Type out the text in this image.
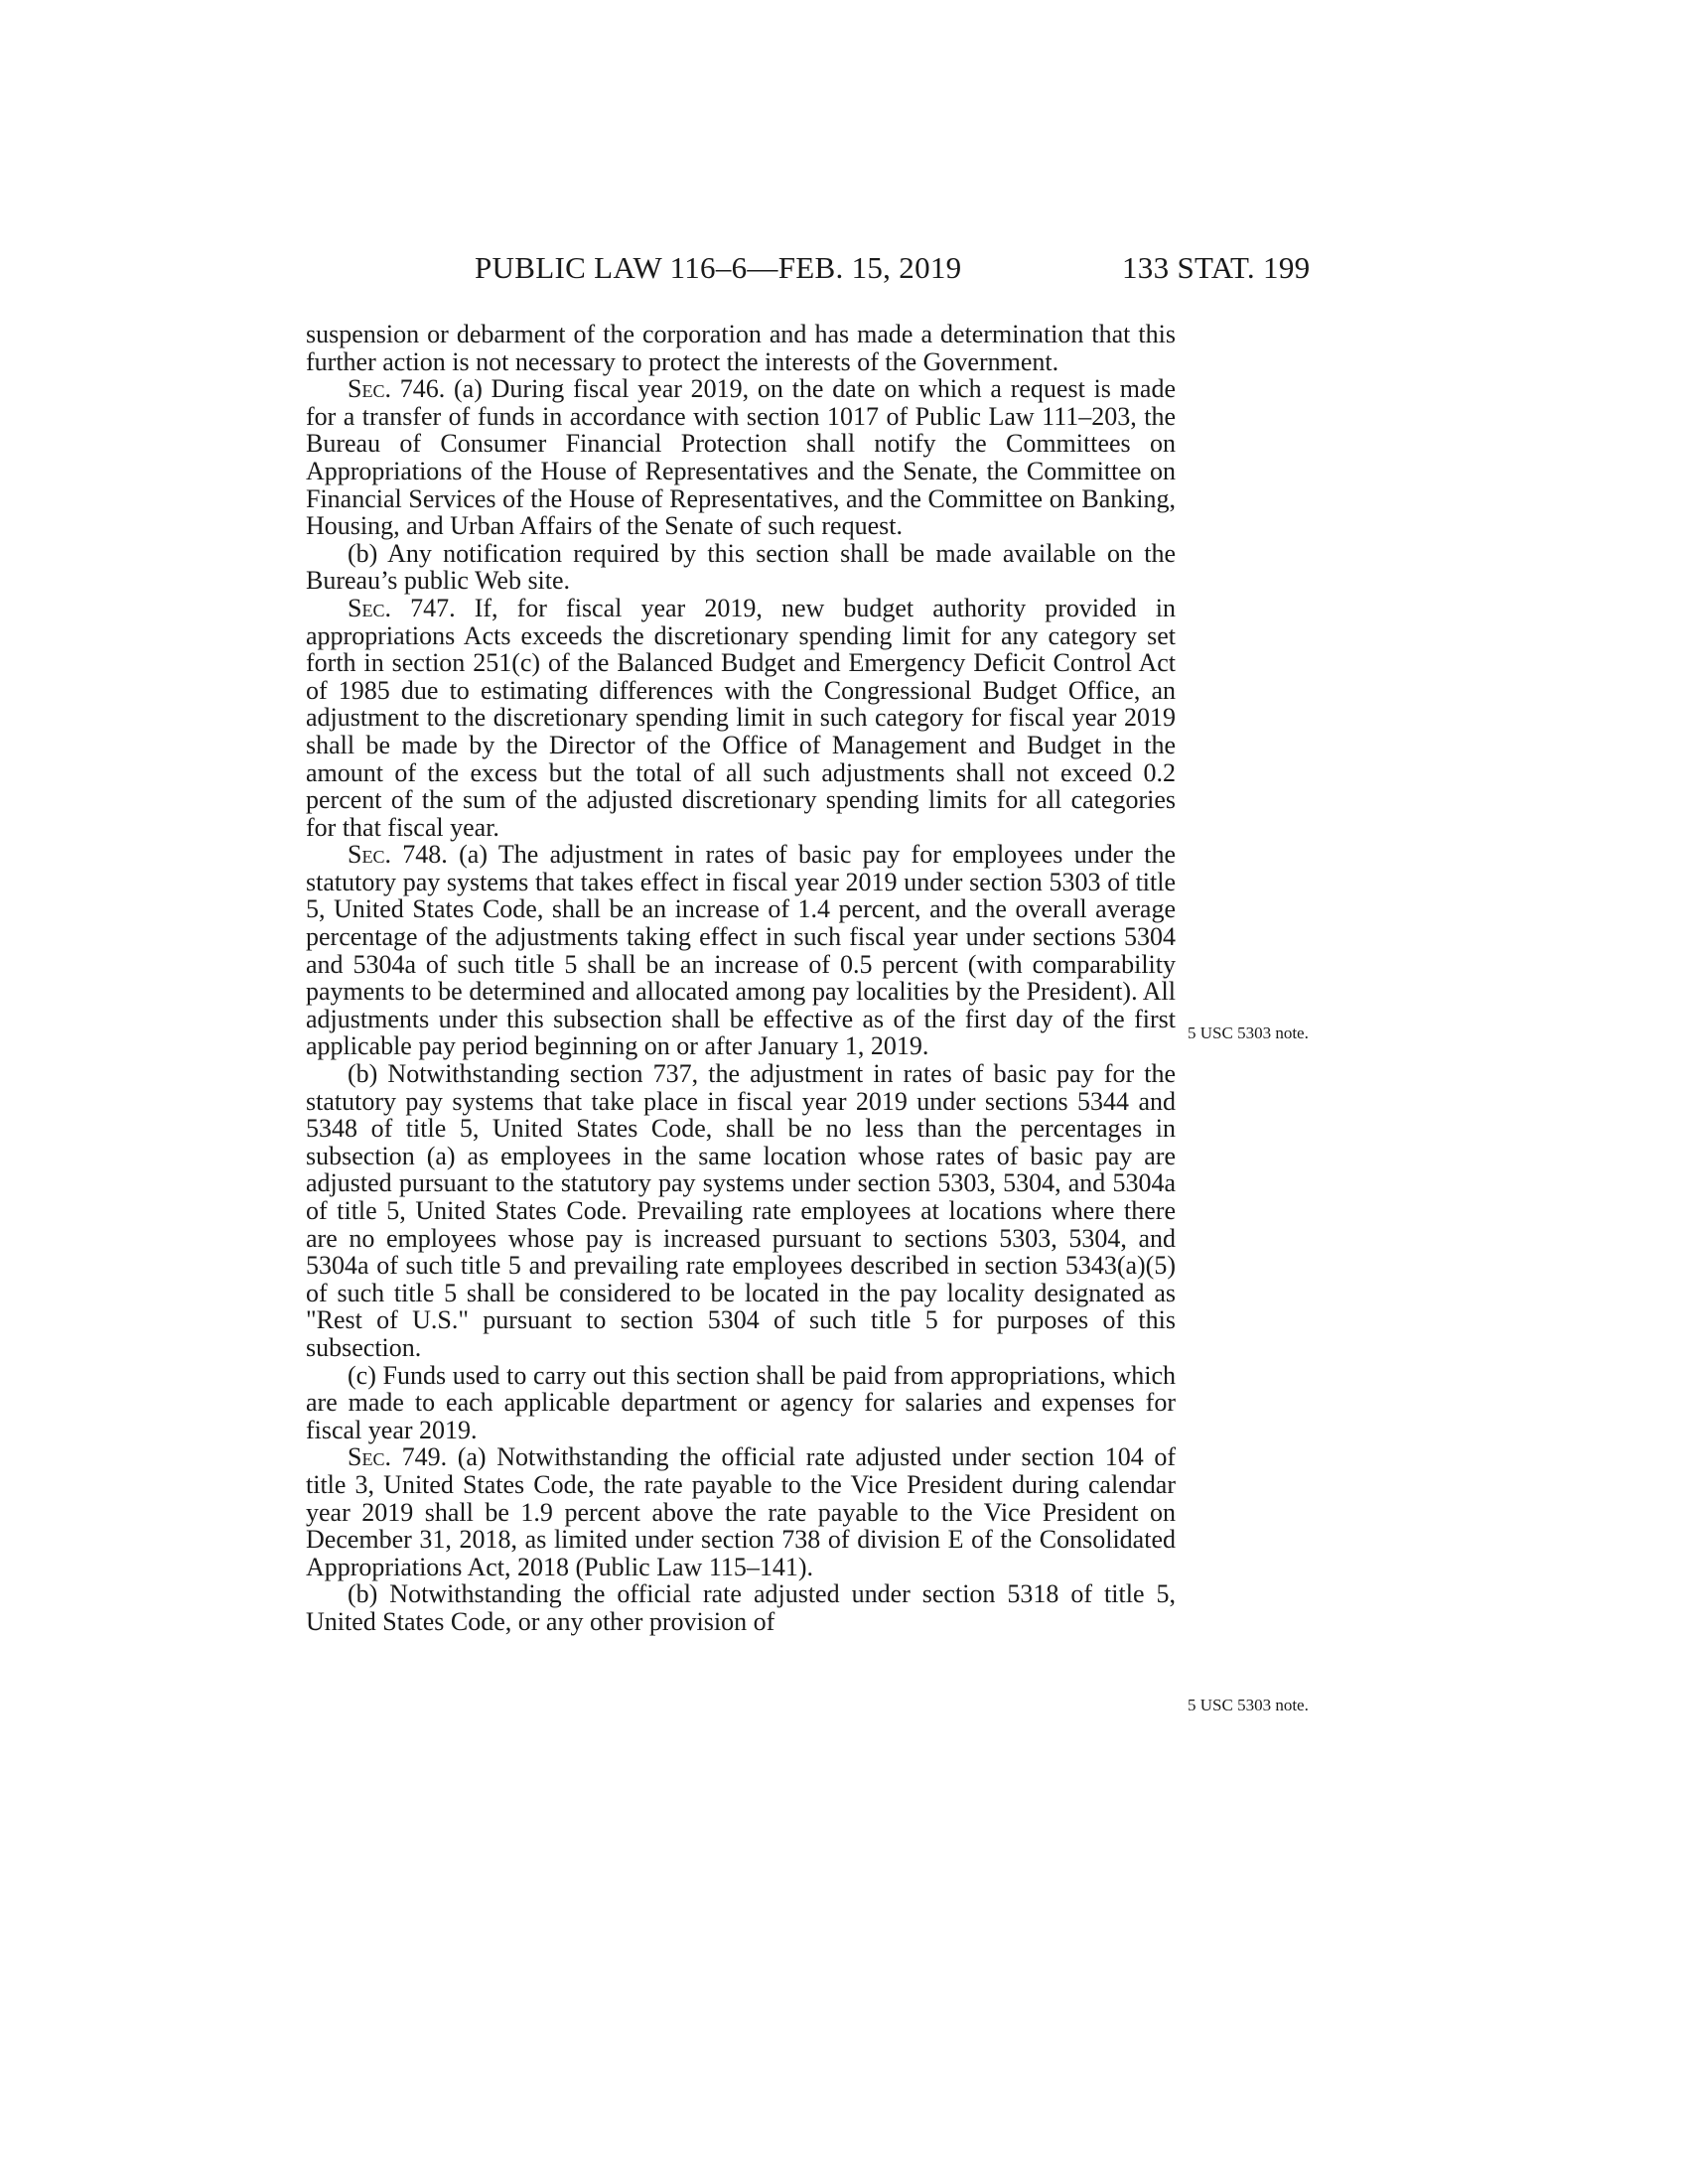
PUBLIC LAW 116–6—FEB. 15, 2019	133 STAT. 199

suspension or debarment of the corporation and has made a determination that this further action is not necessary to protect the interests of the Government.

Sec. 746. (a) During fiscal year 2019, on the date on which a request is made for a transfer of funds in accordance with section 1017 of Public Law 111–203, the Bureau of Consumer Financial Protection shall notify the Committees on Appropriations of the House of Representatives and the Senate, the Committee on Financial Services of the House of Representatives, and the Committee on Banking, Housing, and Urban Affairs of the Senate of such request.

(b) Any notification required by this section shall be made available on the Bureau’s public Web site.

Sec. 747. If, for fiscal year 2019, new budget authority provided in appropriations Acts exceeds the discretionary spending limit for any category set forth in section 251(c) of the Balanced Budget and Emergency Deficit Control Act of 1985 due to estimating differences with the Congressional Budget Office, an adjustment to the discretionary spending limit in such category for fiscal year 2019 shall be made by the Director of the Office of Management and Budget in the amount of the excess but the total of all such adjustments shall not exceed 0.2 percent of the sum of the adjusted discretionary spending limits for all categories for that fiscal year.

Sec. 748. (a) The adjustment in rates of basic pay for employees under the statutory pay systems that takes effect in fiscal year 2019 under section 5303 of title 5, United States Code, shall be an increase of 1.4 percent, and the overall average percentage of the adjustments taking effect in such fiscal year under sections 5304 and 5304a of such title 5 shall be an increase of 0.5 percent (with comparability payments to be determined and allocated among pay localities by the President). All adjustments under this subsection shall be effective as of the first day of the first applicable pay period beginning on or after January 1, 2019.

(b) Notwithstanding section 737, the adjustment in rates of basic pay for the statutory pay systems that take place in fiscal year 2019 under sections 5344 and 5348 of title 5, United States Code, shall be no less than the percentages in subsection (a) as employees in the same location whose rates of basic pay are adjusted pursuant to the statutory pay systems under section 5303, 5304, and 5304a of title 5, United States Code. Prevailing rate employees at locations where there are no employees whose pay is increased pursuant to sections 5303, 5304, and 5304a of such title 5 and prevailing rate employees described in section 5343(a)(5) of such title 5 shall be considered to be located in the pay locality designated as "Rest of U.S." pursuant to section 5304 of such title 5 for purposes of this subsection.

(c) Funds used to carry out this section shall be paid from appropriations, which are made to each applicable department or agency for salaries and expenses for fiscal year 2019.

Sec. 749. (a) Notwithstanding the official rate adjusted under section 104 of title 3, United States Code, the rate payable to the Vice President during calendar year 2019 shall be 1.9 percent above the rate payable to the Vice President on December 31, 2018, as limited under section 738 of division E of the Consolidated Appropriations Act, 2018 (Public Law 115–141).

(b) Notwithstanding the official rate adjusted under section 5318 of title 5, United States Code, or any other provision of

5 USC 5303 note.
5 USC 5303 note.
